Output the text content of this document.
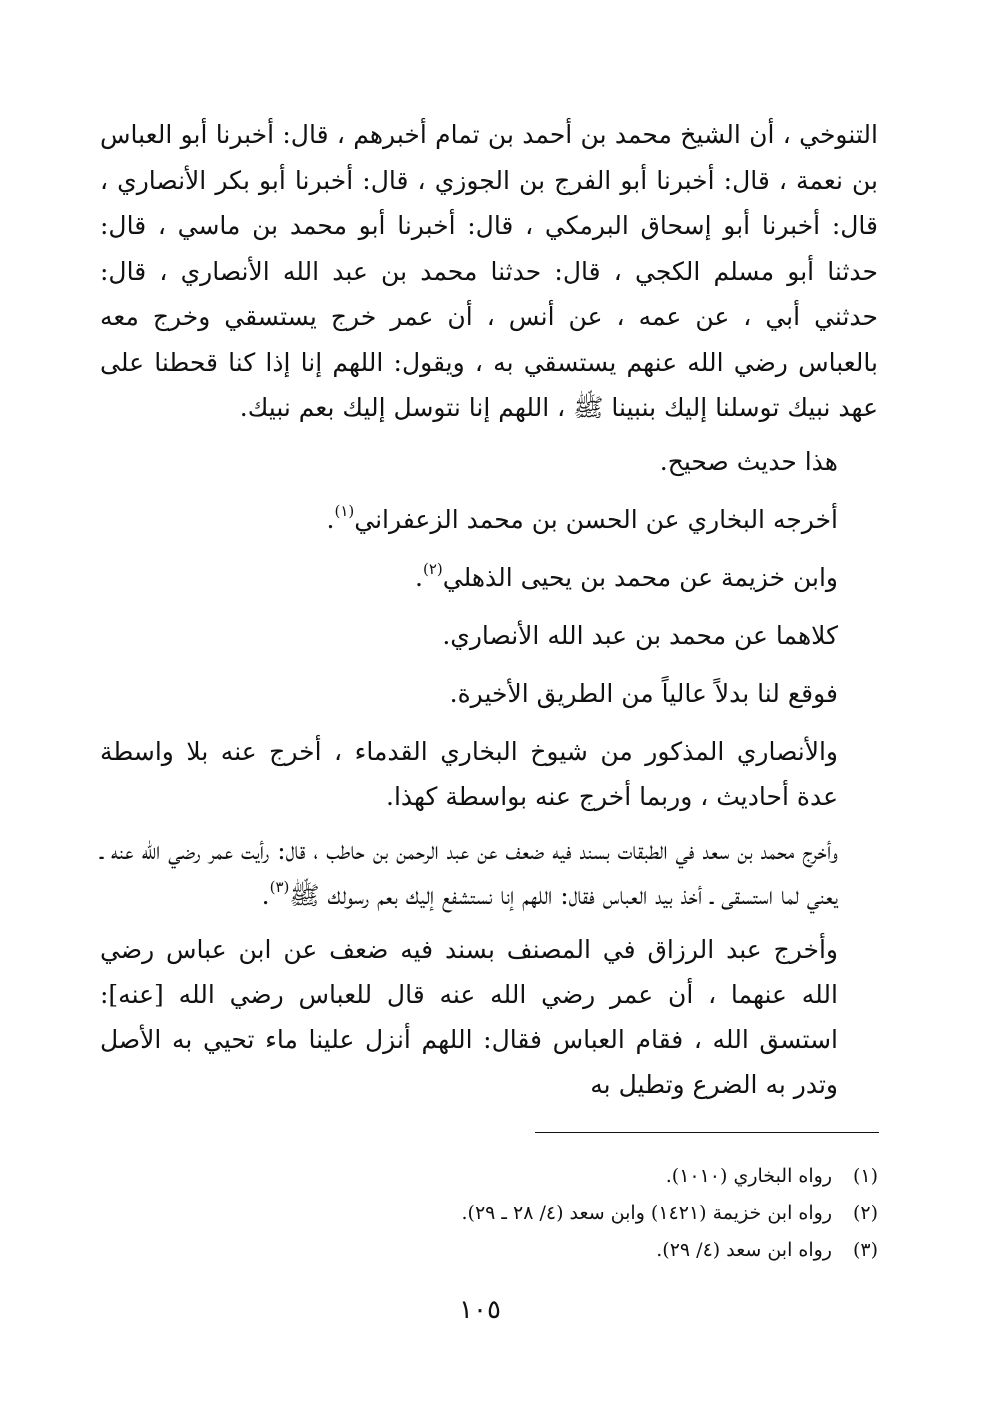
التنوخي ، أن الشيخ محمد بن أحمد بن تمام أخبرهم ، قال: أخبرنا أبو العباس بن نعمة ، قال: أخبرنا أبو الفرج بن الجوزي ، قال: أخبرنا أبو بكر الأنصاري ، قال: أخبرنا أبو إسحاق البرمكي ، قال: أخبرنا أبو محمد بن ماسي ، قال: حدثنا أبو مسلم الكجي ، قال: حدثنا محمد بن عبد الله الأنصاري ، قال: حدثني أبي ، عن عمه ، عن أنس ، أن عمر خرج يستسقي وخرج معه بالعباس رضي الله عنهم يستسقي به ، ويقول: اللهم إنا إذا كنا قحطنا على عهد نبيك توسلنا إليك بنبينا ﷺ ، اللهم إنا نتوسل إليك بعم نبيك.

هذا حديث صحيح.

أخرجه البخاري عن الحسن بن محمد الزعفراني$^{(١)}$.

وابن خزيمة عن محمد بن يحيى الذهلي$^{(٢)}$.

كلاهما عن محمد بن عبد الله الأنصاري.

فوقع لنا بدلاً عالياً من الطريق الأخيرة.

والأنصاري المذكور من شيوخ البخاري القدماء ، أخرج عنه بلا واسطة عدة أحاديث ، وربما أخرج عنه بواسطة كهذا.

وأخرج محمد بن سعد في الطبقات بسند فيه ضعف عن عبد الرحمن بن حاطب ، قال: رأيت عمر رضي الله عنه ـ يعني لما استسقى ـ أخذ بيد العباس فقال: اللهم إنا نستشفع إليك بعم رسولك ﷺ$^{(٣)}$.

وأخرج عبد الرزاق في المصنف بسند فيه ضعف عن ابن عباس رضي الله عنهما ، أن عمر رضي الله عنه قال للعباس رضي الله [عنه]: استسق الله ، فقام العباس فقال: اللهم أنزل علينا ماء تحيي به الأصل وتدر به الضرع وتطيل به

(١)
رواه البخاري (١٠١٠).
(٢)
رواه ابن خزيمة (١٤٢١) وابن سعد (٤/ ٢٨ ـ ٢٩).
(٣)
رواه ابن سعد (٤/ ٢٩).
١٠٥
